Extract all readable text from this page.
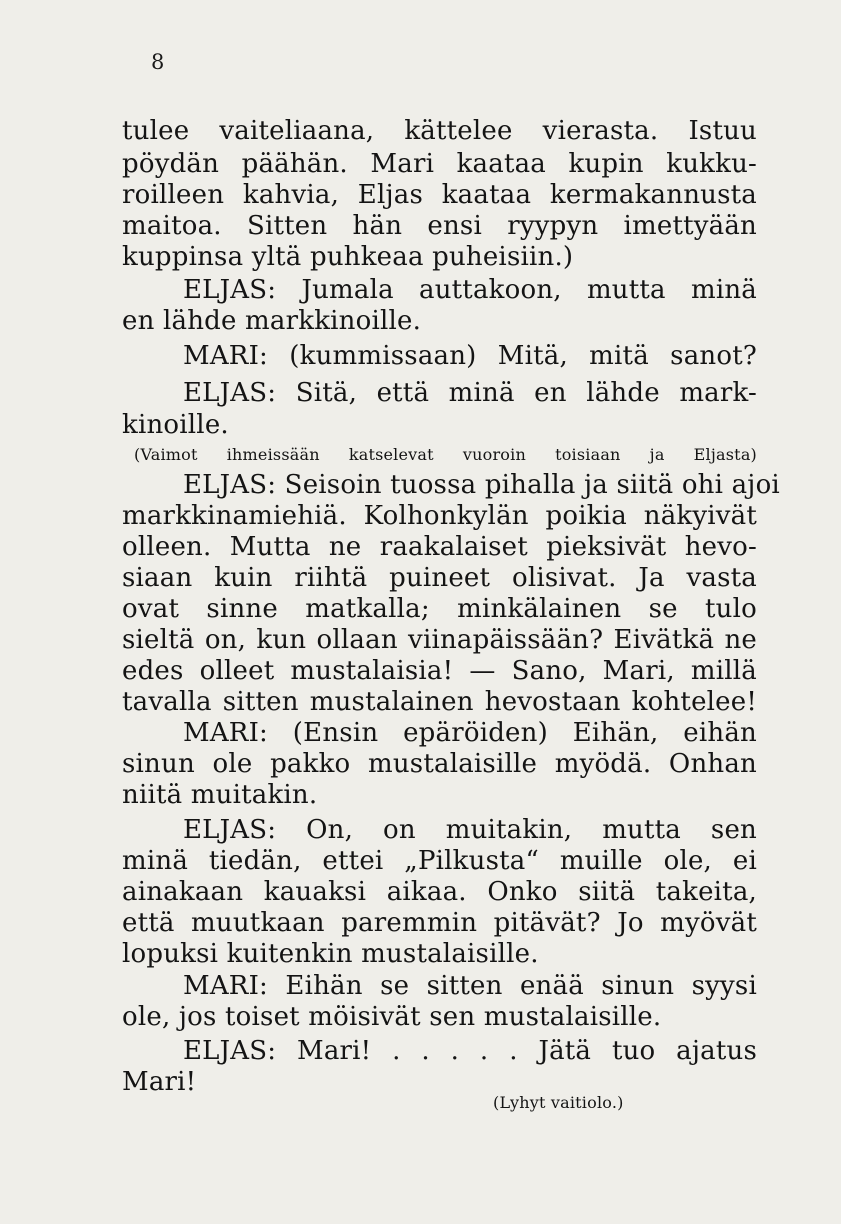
8
tulee vaiteliaana, kättelee vierasta. Istuu
pöydän päähän. Mari kaataa kupin kukku-
roilleen kahvia, Eljas kaataa kermakannusta
maitoa. Sitten hän ensi ryypyn imettyään
kuppinsa yltä puhkeaa puheisiin.)
ELJAS: Jumala auttakoon, mutta minä
en lähde markkinoille.
MARI: (kummissaan) Mitä, mitä sanot?
ELJAS: Sitä, että minä en lähde mark-
kinoille.
(Vaimot ihmeissään katselevat vuoroin toisiaan ja Eljasta)
ELJAS: Seisoin tuossa pihalla ja siitä ohi ajoi
markkinamiehiä. Kolhonkylän poikia näkyivät
olleen. Mutta ne raakalaiset pieksivät hevo-
siaan kuin riihtä puineet olisivat. Ja vasta
ovat sinne matkalla; minkälainen se tulo
sieltä on, kun ollaan viinapäissään? Eivätkä ne
edes olleet mustalaisia! — Sano, Mari, millä
tavalla sitten mustalainen hevostaan kohtelee!
MARI: (Ensin epäröiden) Eihän, eihän
sinun ole pakko mustalaisille myödä. Onhan
niitä muitakin.
ELJAS: On, on muitakin, mutta sen
minä tiedän, ettei „Pilkusta“ muille ole, ei
ainakaan kauaksi aikaa. Onko siitä takeita,
että muutkaan paremmin pitävät? Jo myövät
lopuksi kuitenkin mustalaisille.
MARI: Eihän se sitten enää sinun syysi
ole, jos toiset möisivät sen mustalaisille.
ELJAS: Mari! . . . . . Jätä tuo ajatus
Mari!
(Lyhyt vaitiolo.)
